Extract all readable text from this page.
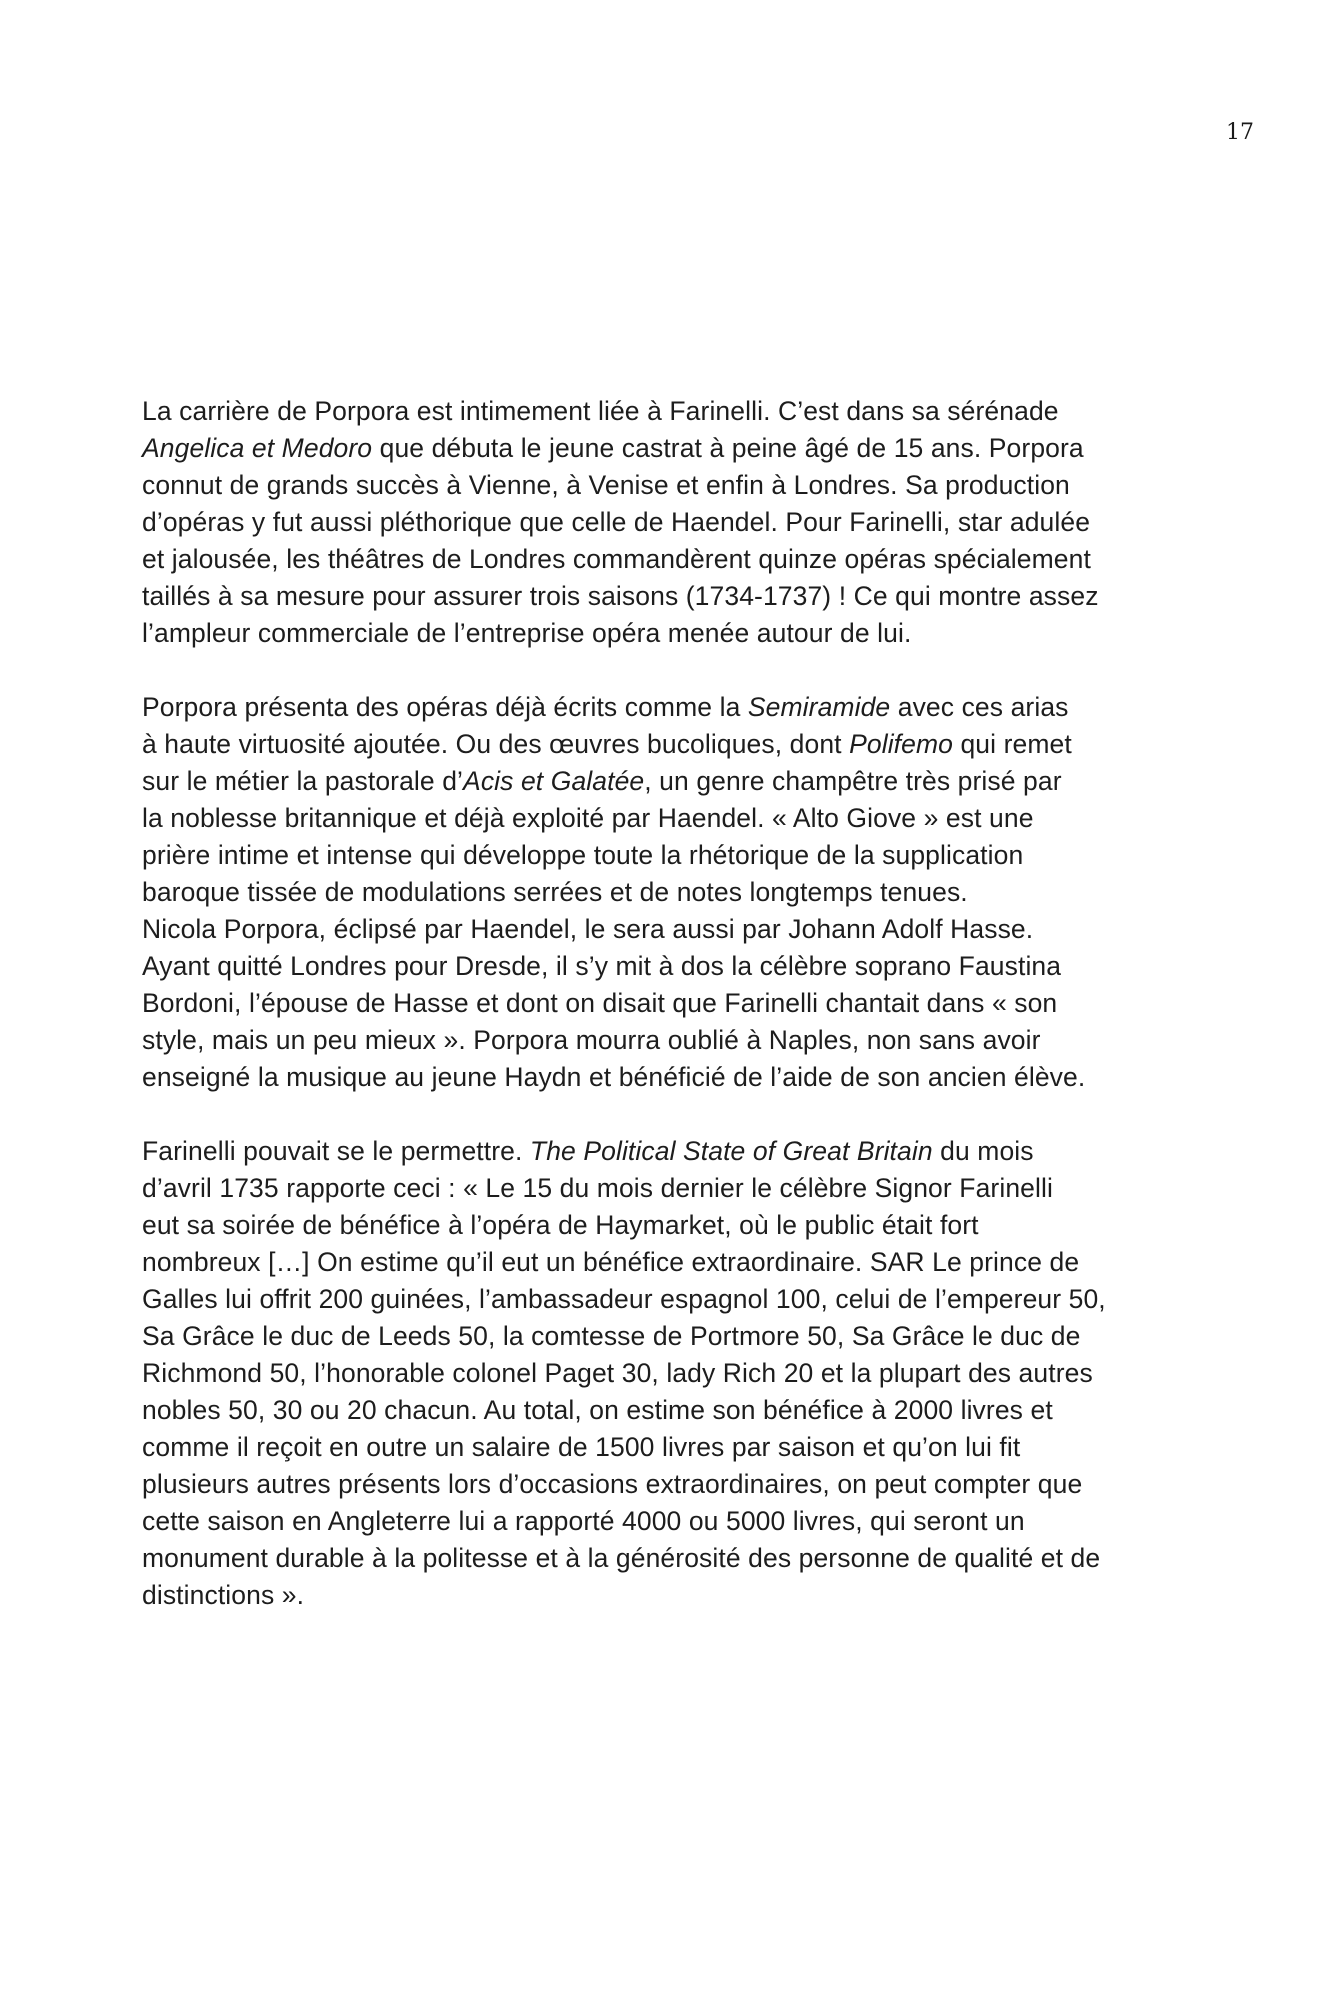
17

La carrière de Porpora est intimement liée à Farinelli. C’est dans sa sérénade
Angelica et Medoro que débuta le jeune castrat à peine âgé de 15 ans. Porpora
connut de grands succès à Vienne, à Venise et enfin à Londres. Sa production
d’opéras y fut aussi pléthorique que celle de Haendel. Pour Farinelli, star adulée
et jalousée, les théâtres de Londres commandèrent quinze opéras spécialement
taillés à sa mesure pour assurer trois saisons (1734-1737) ! Ce qui montre assez
l’ampleur commerciale de l’entreprise opéra menée autour de lui.

Porpora présenta des opéras déjà écrits comme la Semiramide avec ces arias
à haute virtuosité ajoutée. Ou des œuvres bucoliques, dont Polifemo qui remet
sur le métier la pastorale d’Acis et Galatée, un genre champêtre très prisé par
la noblesse britannique et déjà exploité par Haendel. « Alto Giove » est une
prière intime et intense qui développe toute la rhétorique de la supplication
baroque tissée de modulations serrées et de notes longtemps tenues.
Nicola Porpora, éclipsé par Haendel, le sera aussi par Johann Adolf Hasse.
Ayant quitté Londres pour Dresde, il s’y mit à dos la célèbre soprano Faustina
Bordoni, l’épouse de Hasse et dont on disait que Farinelli chantait dans « son
style, mais un peu mieux ». Porpora mourra oublié à Naples, non sans avoir
enseigné la musique au jeune Haydn et bénéficié de l’aide de son ancien élève.

Farinelli pouvait se le permettre. The Political State of Great Britain du mois
d’avril 1735 rapporte ceci : « Le 15 du mois dernier le célèbre Signor Farinelli
eut sa soirée de bénéfice à l’opéra de Haymarket, où le public était fort
nombreux […] On estime qu’il eut un bénéfice extraordinaire. SAR Le prince de
Galles lui offrit 200 guinées, l’ambassadeur espagnol 100, celui de l’empereur 50,
Sa Grâce le duc de Leeds 50, la comtesse de Portmore 50, Sa Grâce le duc de
Richmond 50, l’honorable colonel Paget 30, lady Rich 20 et la plupart des autres
nobles 50, 30 ou 20 chacun. Au total, on estime son bénéfice à 2000 livres et
comme il reçoit en outre un salaire de 1500 livres par saison et qu’on lui fit
plusieurs autres présents lors d’occasions extraordinaires, on peut compter que
cette saison en Angleterre lui a rapporté 4000 ou 5000 livres, qui seront un
monument durable à la politesse et à la générosité des personne de qualité et de
distinctions ».
